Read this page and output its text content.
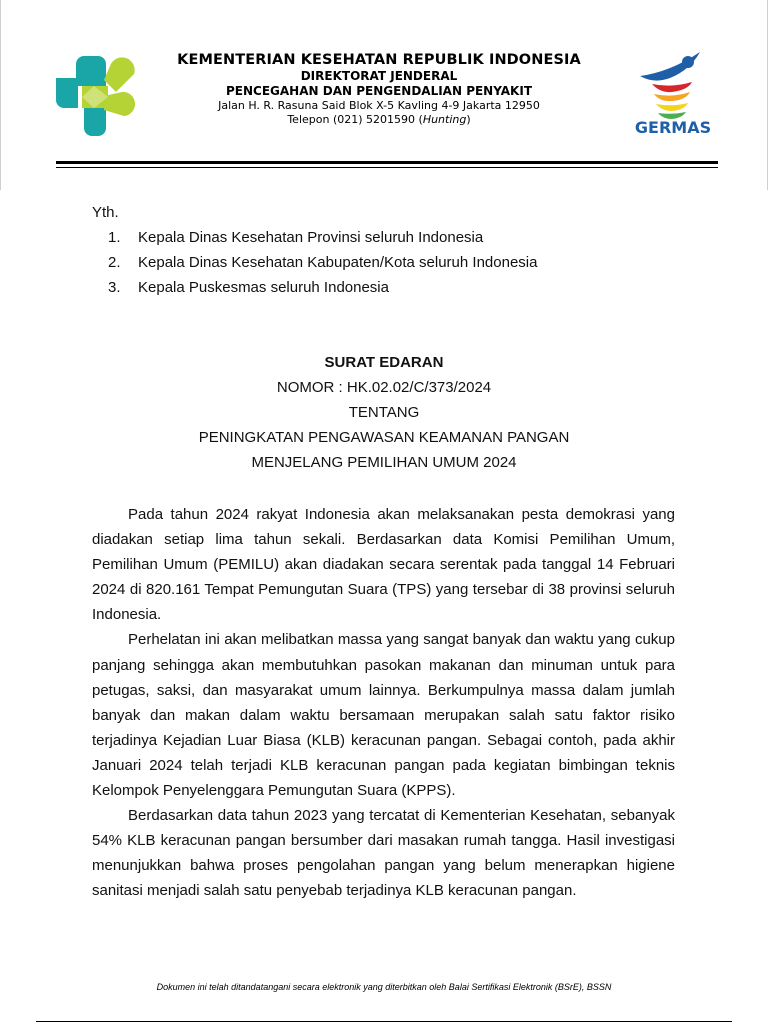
KEMENTERIAN KESEHATAN REPUBLIK INDONESIA
DIREKTORAT JENDERAL
PENCEGAHAN DAN PENGENDALIAN PENYAKIT
Jalan H. R. Rasuna Said Blok X-5 Kavling 4-9 Jakarta 12950
Telepon (021) 5201590 (Hunting)	GERMAS
Yth.
1.	Kepala Dinas Kesehatan Provinsi seluruh Indonesia
2.	Kepala Dinas Kesehatan Kabupaten/Kota seluruh Indonesia
3.	Kepala Puskesmas seluruh Indonesia
SURAT EDARAN
NOMOR : HK.02.02/C/373/2024
TENTANG
PENINGKATAN PENGAWASAN KEAMANAN PANGAN
MENJELANG PEMILIHAN UMUM 2024

Pada tahun 2024 rakyat Indonesia akan melaksanakan pesta demokrasi yang diadakan setiap lima tahun sekali. Berdasarkan data Komisi Pemilihan Umum, Pemilihan Umum (PEMILU) akan diadakan secara serentak pada tanggal 14 Februari 2024 di 820.161 Tempat Pemungutan Suara (TPS) yang tersebar di 38 provinsi seluruh Indonesia.

Perhelatan ini akan melibatkan massa yang sangat banyak dan waktu yang cukup panjang sehingga akan membutuhkan pasokan makanan dan minuman untuk para petugas, saksi, dan masyarakat umum lainnya. Berkumpulnya massa dalam jumlah banyak dan makan dalam waktu bersamaan merupakan salah satu faktor risiko terjadinya Kejadian Luar Biasa (KLB) keracunan pangan. Sebagai contoh, pada akhir Januari 2024 telah terjadi KLB keracunan pangan pada kegiatan bimbingan teknis Kelompok Penyelenggara Pemungutan Suara (KPPS).

Berdasarkan data tahun 2023 yang tercatat di Kementerian Kesehatan, sebanyak 54% KLB keracunan pangan bersumber dari masakan rumah tangga. Hasil investigasi menunjukkan bahwa proses pengolahan pangan yang belum menerapkan higiene sanitasi menjadi salah satu penyebab terjadinya KLB keracunan pangan.

Dokumen ini telah ditandatangani secara elektronik yang diterbitkan oleh Balai Sertifikasi Elektronik (BSrE), BSSN
